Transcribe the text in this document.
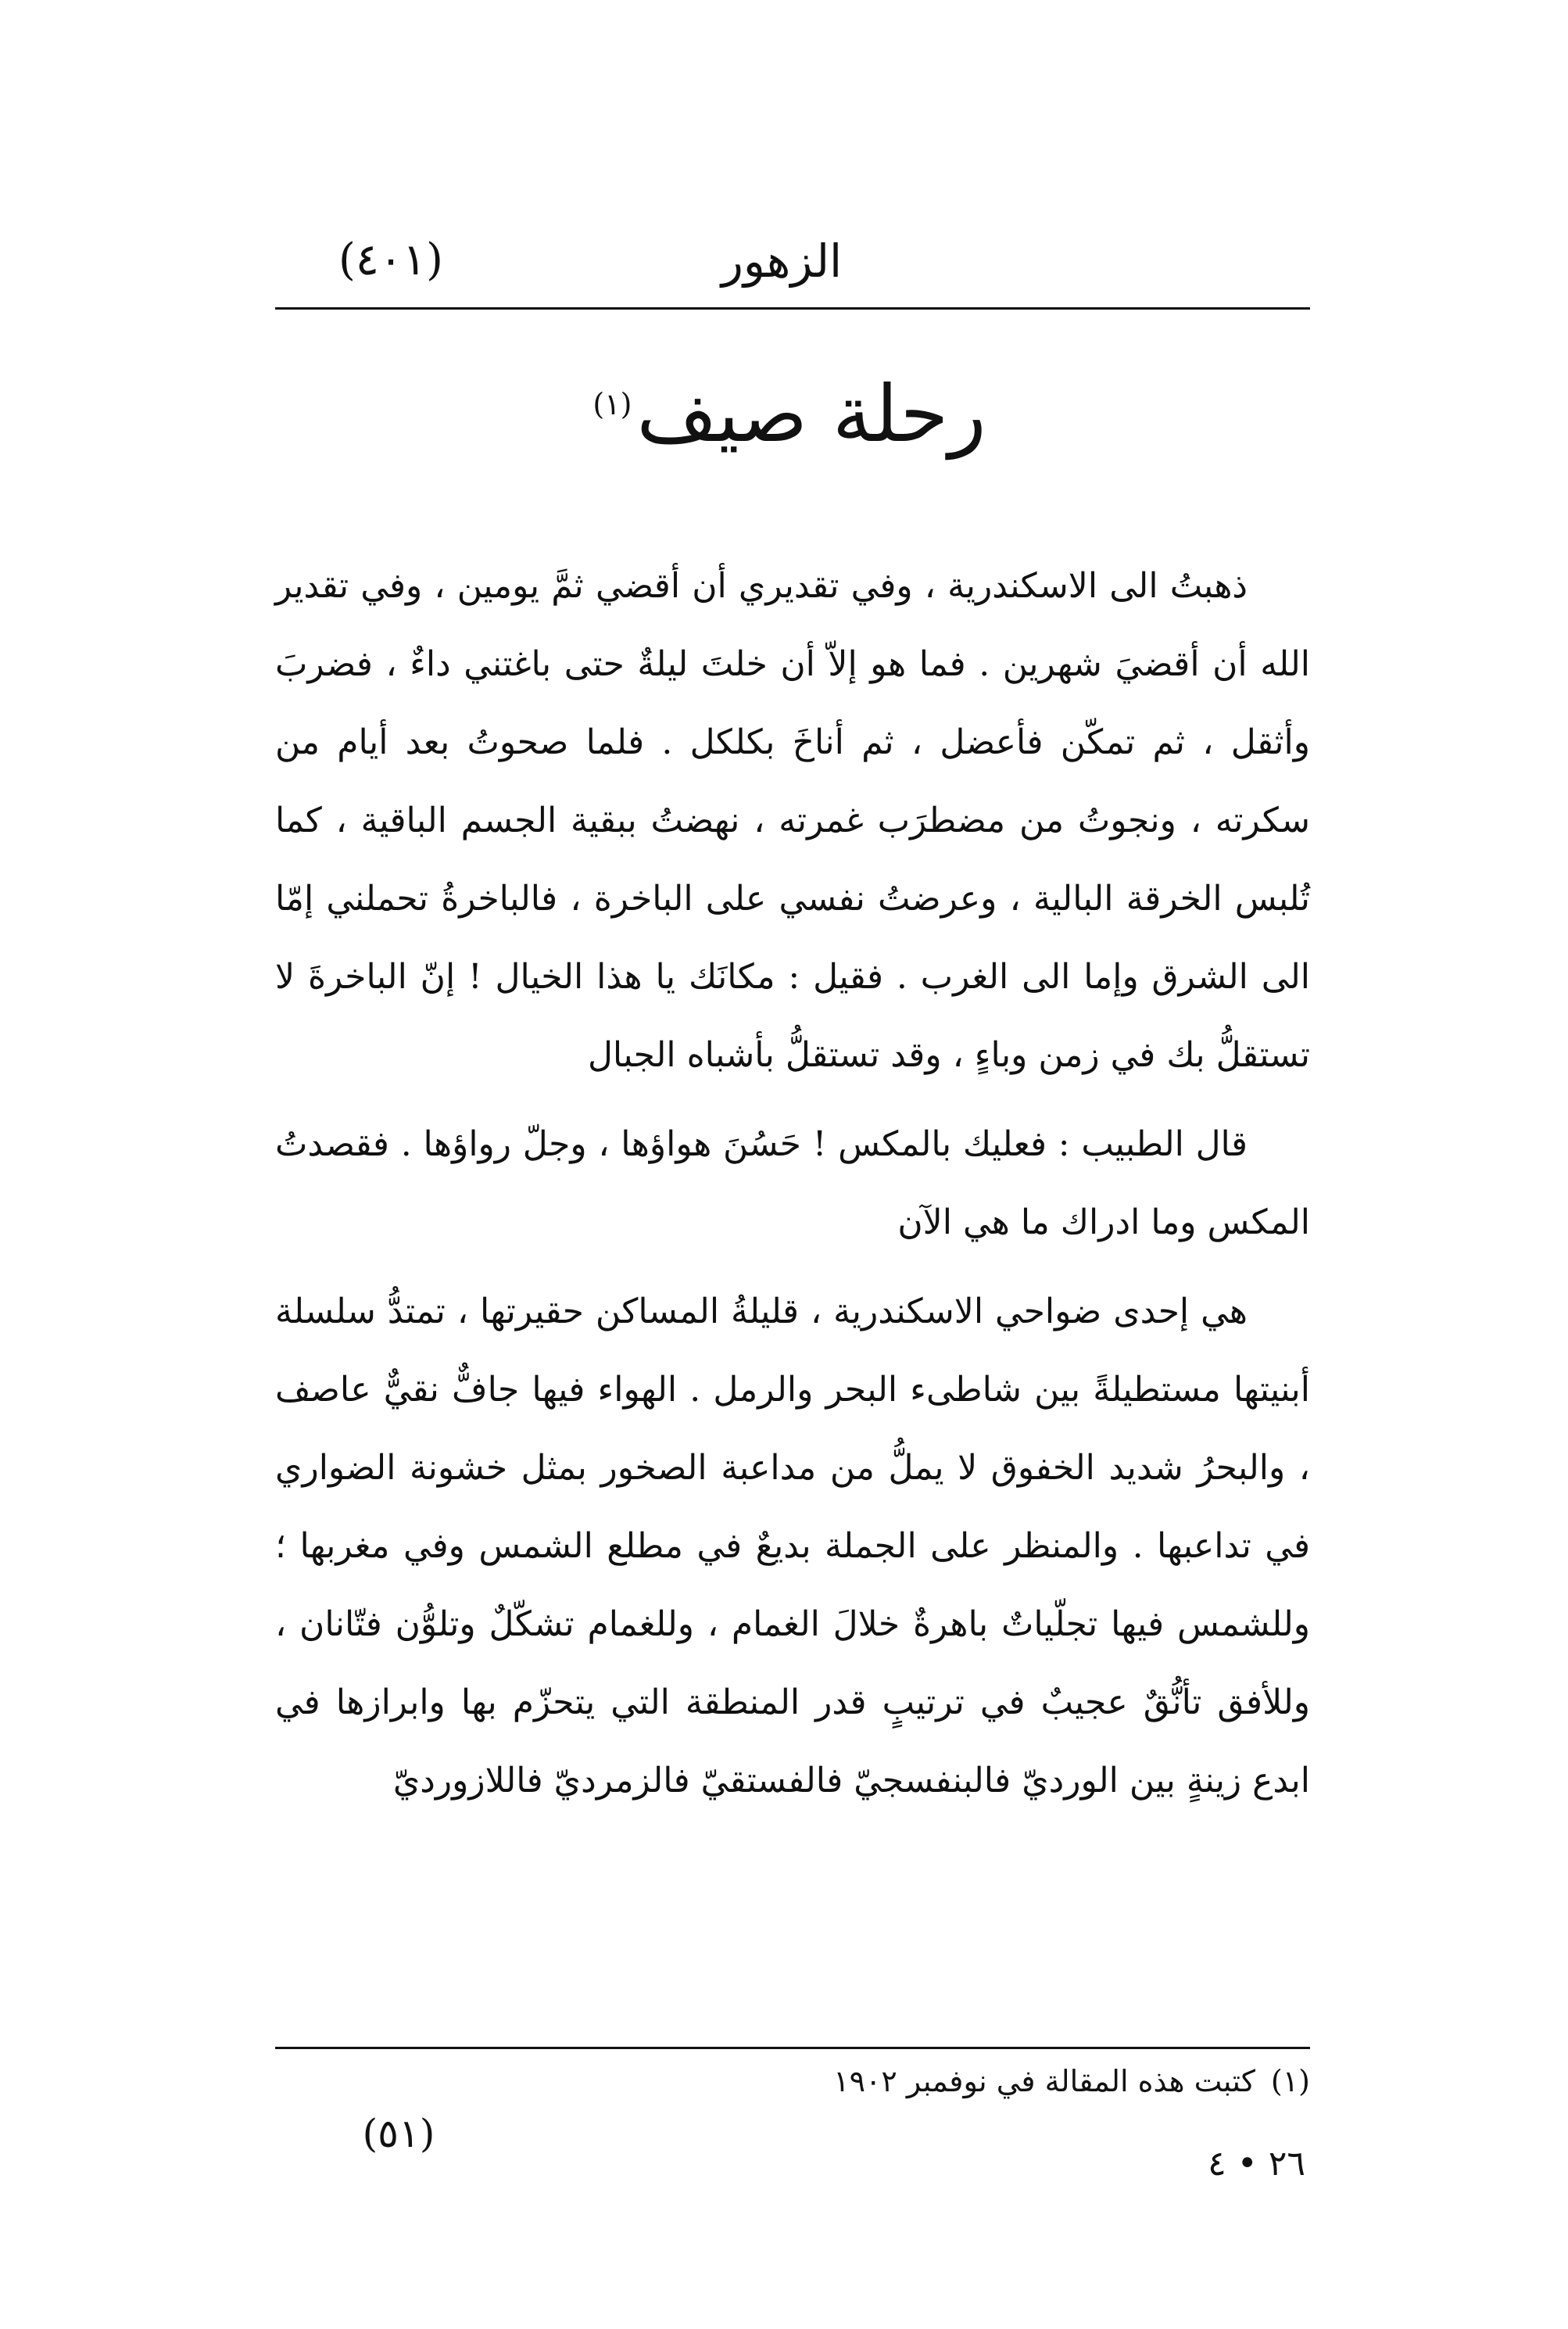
الزهور
(٤٠١)
رحلة صيف$^{(١)}$

ذهبتُ الى الاسكندرية ، وفي تقديري أن أقضي ثمَّ يومين ، وفي تقدير الله أن أقضيَ شهرين . فما هو إلاّ أن خلتَ ليلةٌ حتى باغتني داءٌ ، فضربَ وأثقل ، ثم تمكّن فأعضل ، ثم أناخَ بكلكل . فلما صحوتُ بعد أيام من سكرته ، ونجوتُ من مضطرَب غمرته ، نهضتُ ببقية الجسم الباقية ، كما تُلبس الخرقة البالية ، وعرضتُ نفسي على الباخرة ، فالباخرةُ تحملني إمّا الى الشرق وإما الى الغرب . فقيل : مكانَك يا هذا الخيال ! إنّ الباخرةَ لا تستقلُّ بك في زمن وباءٍ ، وقد تستقلُّ بأشباه الجبال

قال الطبيب : فعليك بالمكس ! حَسُنَ هواؤها ، وجلّ رواؤها . فقصدتُ المكس وما ادراك ما هي الآن

هي إحدى ضواحي الاسكندرية ، قليلةُ المساكن حقيرتها ، تمتدُّ سلسلة أبنيتها مستطيلةً بين شاطىء البحر والرمل . الهواء فيها جافٌّ نقيٌّ عاصف ، والبحرُ شديد الخفوق لا يملُّ من مداعبة الصخور بمثل خشونة الضواري في تداعبها . والمنظر على الجملة بديعٌ في مطلع الشمس وفي مغربها ؛ وللشمس فيها تجلّياتٌ باهرةٌ خلالَ الغمام ، وللغمام تشكّلٌ وتلوُّن فتّانان ، وللأفق تأنُّقٌ عجيبٌ في ترتيبٍ قدر المنطقة التي يتحزّم بها وابرازها في ابدع زينةٍ بين الورديّ فالبنفسجيّ فالفستقيّ فالزمرديّ فاللازورديّ

(١)كتبت هذه المقالة في نوفمبر ١٩٠٢
(٥١)
٢٦ • ٤
